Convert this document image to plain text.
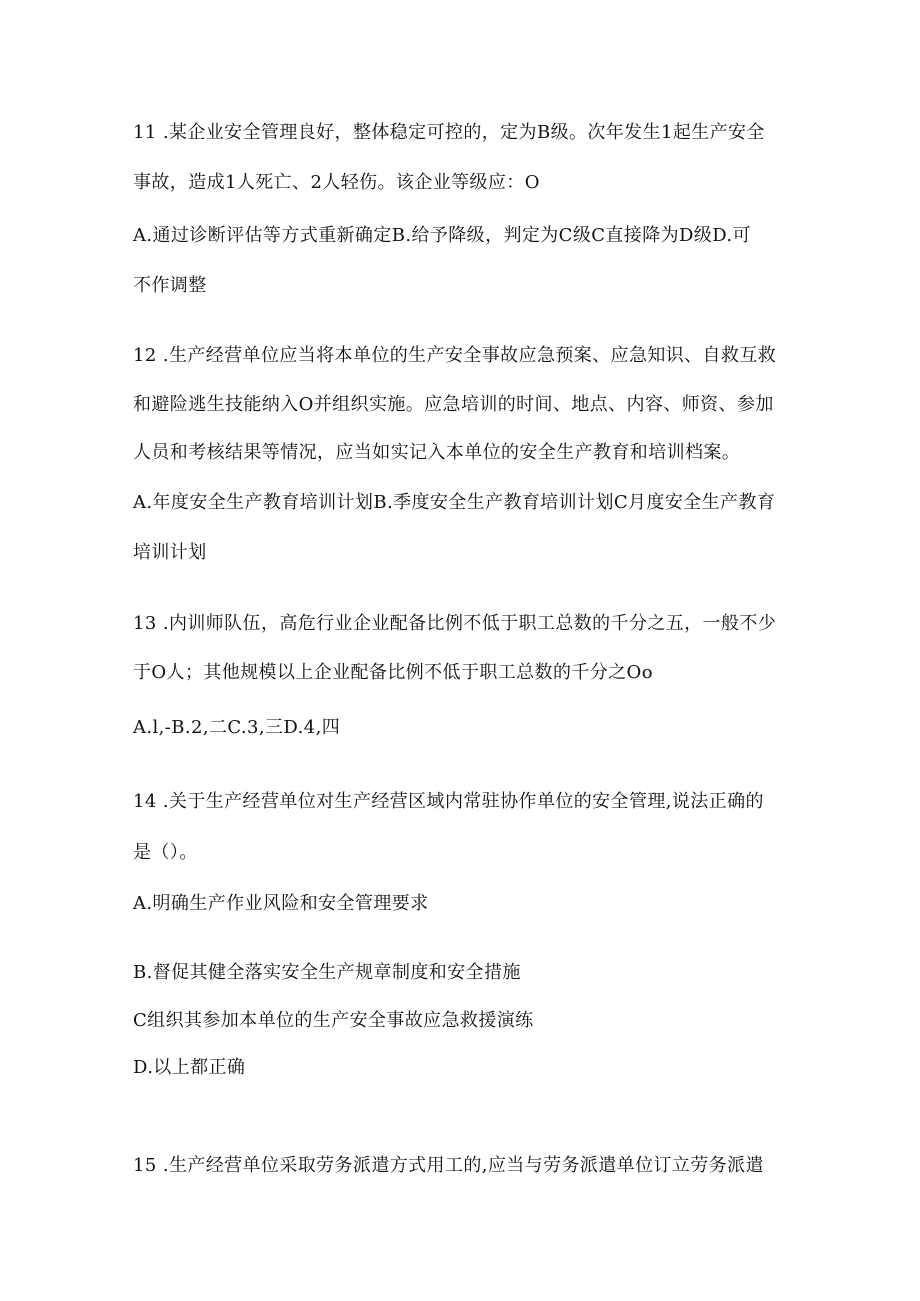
11 .某企业安全管理良好，整体稳定可控的，定为B级。次年发生1起生产安全
事故，造成1人死亡、2人轻伤。该企业等级应：O
A.通过诊断评估等方式重新确定B.给予降级，判定为C级C直接降为D级D.可
不作调整
12 .生产经营单位应当将本单位的生产安全事故应急预案、应急知识、自救互救
和避险逃生技能纳入O并组织实施。应急培训的时间、地点、内容、师资、参加
人员和考核结果等情况，应当如实记入本单位的安全生产教育和培训档案。
A.年度安全生产教育培训计划B.季度安全生产教育培训计划C月度安全生产教育
培训计划
13 .内训师队伍，高危行业企业配备比例不低于职工总数的千分之五，一般不少
于O人；其他规模以上企业配备比例不低于职工总数的千分之Oo
A.l,-B.2,二C.3,三D.4,四
14 .关于生产经营单位对生产经营区域内常驻协作单位的安全管理,说法正确的
是（）。
A.明确生产作业风险和安全管理要求
B.督促其健全落实安全生产规章制度和安全措施
C组织其参加本单位的生产安全事故应急救援演练
D.以上都正确
15 .生产经营单位采取劳务派遣方式用工的,应当与劳务派遣单位订立劳务派遣
